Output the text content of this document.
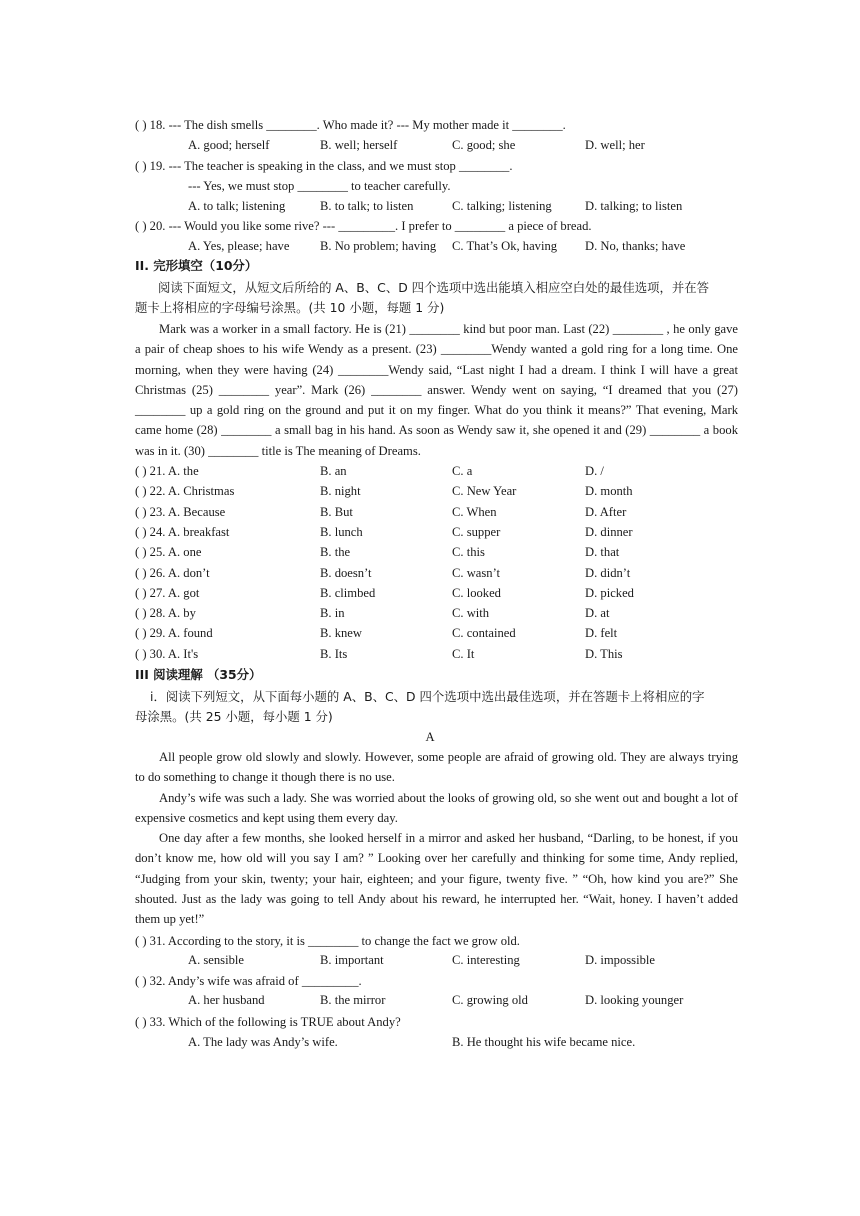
( ) 18. --- The dish smells ________. Who made it? --- My mother made it ________.
A. good; herself	B. well; herself	C. good; she	D. well; her
( ) 19. --- The teacher is speaking in the class, and we must stop ________.
--- Yes, we must stop ________ to teacher carefully.
A. to talk; listening	B. to talk; to listen	C. talking; listening	D. talking; to listen
( ) 20. --- Would you like some rive? --- _________. I prefer to ________ a piece of bread.
A. Yes, please; have B. No problem; having C. That’s Ok, having D. No, thanks; have
II. 完形填空（10分）
阅读下面短文，从短文后所给的 A、B、C、D 四个选项中选出能填入相应空白处的最佳选项，并在答
题卡上将相应的字母编号涂黑。(共 10 小题，每题 1 分)
Mark was a worker in a small factory. He is (21) ________ kind but poor man. Last (22) ________ , he only gave a pair of cheap shoes to his wife Wendy as a present. (23) ________Wendy wanted a gold ring for a long time. One morning, when they were having (24) ________Wendy said, “Last night I had a dream. I think I will have a great Christmas (25) ________ year”. Mark (26) ________ answer. Wendy went on saying, “I dreamed that you (27) ________ up a gold ring on the ground and put it on my finger. What do you think it means?” That evening, Mark came home (28) ________ a small bag in his hand. As soon as Wendy saw it, she opened it and (29) ________ a book was in it. (30) ________ title is The meaning of Dreams.
( ) 21. A. the	B. an	C. a	D. /
( ) 22. A. Christmas	B. night	C. New Year	D. month
( ) 23. A. Because	B. But	C. When	D. After
( ) 24. A. breakfast	B. lunch	C. supper	D. dinner
( ) 25. A. one	B. the	C. this	D. that
( ) 26. A. don’t	B. doesn’t	C. wasn’t	D. didn’t
( ) 27. A. got	B. climbed	C. looked	D. picked
( ) 28. A. by	B. in	C. with	D. at
( ) 29. A. found	B. knew	C. contained	D. felt
( ) 30. A. It's	B. Its	C. It	D. This
III 阅读理解 （35分）
i．阅读下列短文，从下面每小题的 A、B、C、D 四个选项中选出最佳选项，并在答题卡上将相应的字
母涂黑。(共 25 小题，每小题 1 分)
A
All people grow old slowly and slowly. However, some people are afraid of growing old. They are always trying to do something to change it though there is no use.
Andy’s wife was such a lady. She was worried about the looks of growing old, so she went out and bought a lot of expensive cosmetics and kept using them every day.
One day after a few months, she looked herself in a mirror and asked her husband, “Darling, to be honest, if you don’t know me, how old will you say I am? ” Looking over her carefully and thinking for some time, Andy replied, “Judging from your skin, twenty; your hair, eighteen; and your figure, twenty five. ” “Oh, how kind you are?” She shouted. Just as the lady was going to tell Andy about his reward, he interrupted her. “Wait, honey. I haven’t added them up yet!”
( ) 31. According to the story, it is ________ to change the fact we grow old.
A. sensible	B. important	C. interesting	D. impossible
( ) 32. Andy’s wife was afraid of _________.
A. her husband	B. the mirror	C. growing old	D. looking younger
( ) 33. Which of the following is TRUE about Andy?
A. The lady was Andy’s wife.	B. He thought his wife became nice.
